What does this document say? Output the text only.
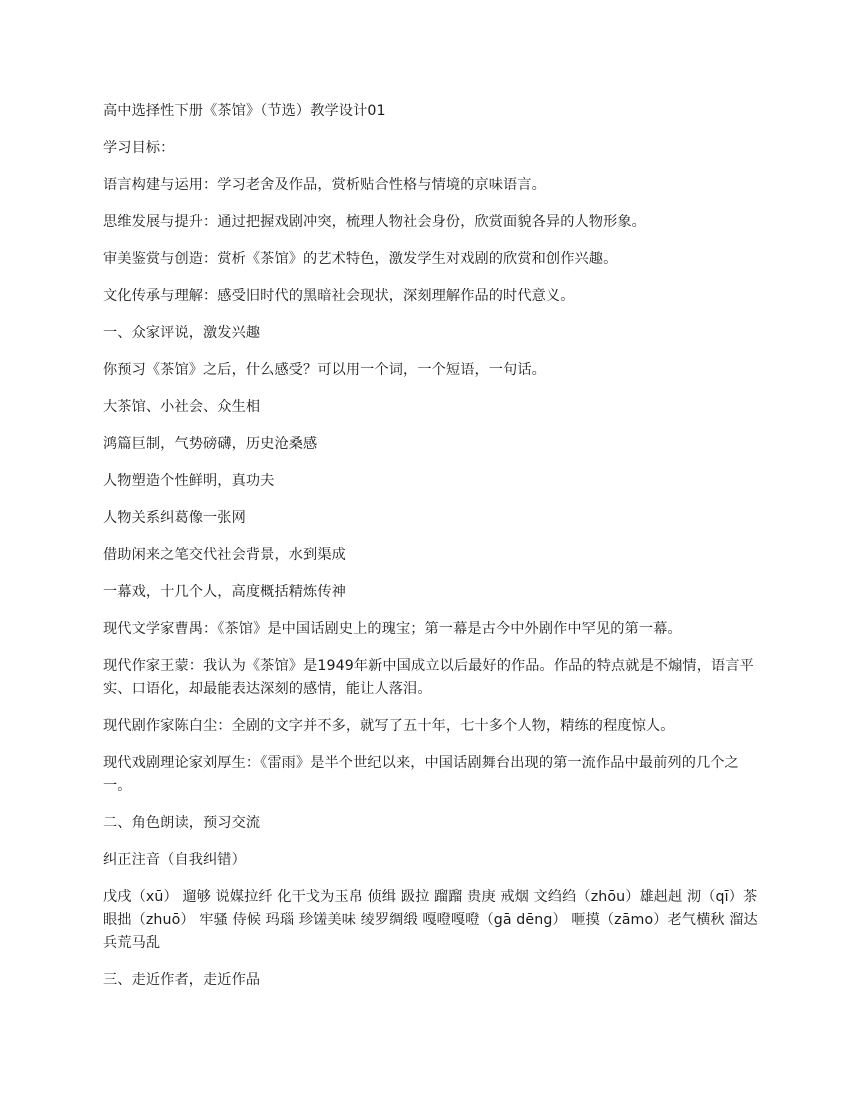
高中选择性下册《茶馆》（节选）教学设计01

学习目标：

语言构建与运用：学习老舍及作品，赏析贴合性格与情境的京味语言。

思维发展与提升：通过把握戏剧冲突，梳理人物社会身份，欣赏面貌各异的人物形象。

审美鉴赏与创造：赏析《茶馆》的艺术特色，激发学生对戏剧的欣赏和创作兴趣。

文化传承与理解：感受旧时代的黑暗社会现状，深刻理解作品的时代意义。

一、众家评说，激发兴趣

你预习《茶馆》之后，什么感受？可以用一个词，一个短语，一句话。

大茶馆、小社会、众生相

鸿篇巨制，气势磅礴，历史沧桑感

人物塑造个性鲜明，真功夫

人物关系纠葛像一张网

借助闲来之笔交代社会背景，水到渠成

一幕戏，十几个人，高度概括精炼传神

现代文学家曹禺：《茶馆》是中国话剧史上的瑰宝；第一幕是古今中外剧作中罕见的第一幕。

现代作家王蒙：我认为《茶馆》是1949年新中国成立以后最好的作品。作品的特点就是不煽情，语言平实、口语化，却最能表达深刻的感情，能让人落泪。

现代剧作家陈白尘：全剧的文字并不多，就写了五十年，七十多个人物，精练的程度惊人。

现代戏剧理论家刘厚生：《雷雨》是半个世纪以来，中国话剧舞台出现的第一流作品中最前列的几个之一。

二、角色朗读，预习交流

纠正注音（自我纠错）

戊戌（xū） 遛够 说媒拉纤 化干戈为玉帛 侦缉 趿拉 蹓蹓 贵庚 戒烟 文绉绉（zhōu）雄赳赳 沏（qī）茶 眼拙（zhuō） 牢骚 侍候 玛瑙 珍馐美味 绫罗绸缎 嘎噔嘎噔（gā dēng） 咂摸（zāmo）老气横秋 溜达 兵荒马乱

三、走近作者，走近作品
